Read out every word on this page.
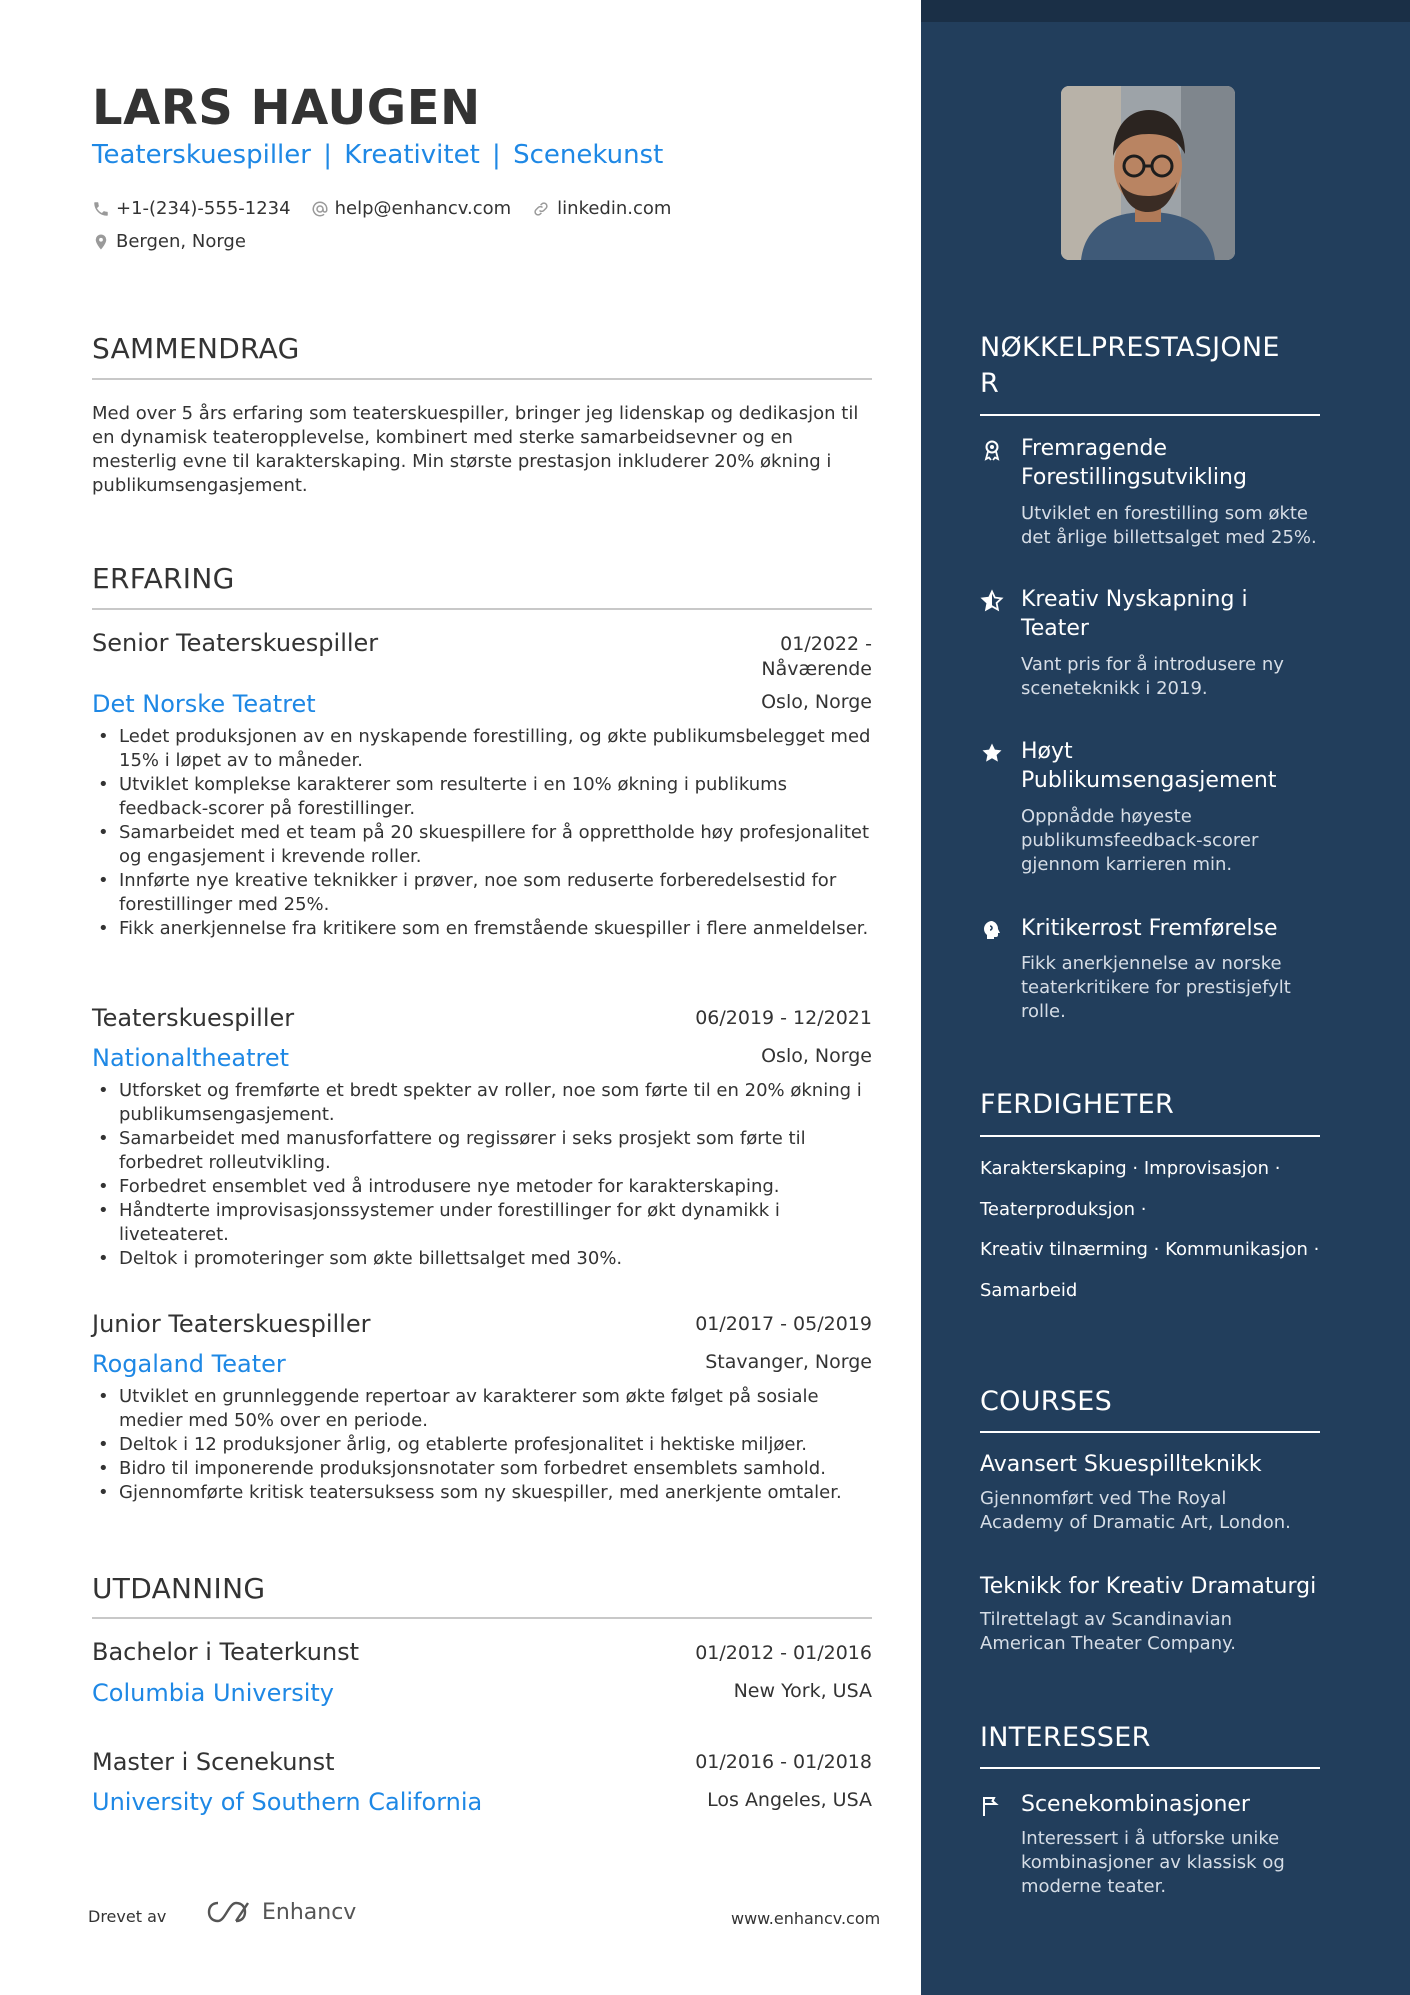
LARS HAUGEN
Teaterskuespiller | Kreativitet | Scenekunst
+1-(234)-555-1234 help@enhancv.com	linkedin.com
Bergen, Norge
SAMMENDRAG
Med over 5 års erfaring som teaterskuespiller, bringer jeg lidenskap og dedikasjon til en dynamisk teateropplevelse, kombinert med sterke samarbeidsevner og en mesterlig evne til karakterskaping. Min største prestasjon inkluderer 20% økning i publikumsengasjement.
ERFARING
Senior Teaterskuespiller	01/2022 - Nåværende
Det Norske Teatret	Oslo, Norge
• Ledet produksjonen av en nyskapende forestilling, og økte publikumsbelegget med 15% i løpet av to måneder.
• Utviklet komplekse karakterer som resulterte i en 10% økning i publikums feedback-scorer på forestillinger.
• Samarbeidet med et team på 20 skuespillere for å opprettholde høy profesjonalitet og engasjement i krevende roller.
• Innførte nye kreative teknikker i prøver, noe som reduserte forberedelsestid for forestillinger med 25%.
• Fikk anerkjennelse fra kritikere som en fremstående skuespiller i flere anmeldelser.
Teaterskuespiller	06/2019 - 12/2021
Nationaltheatret	Oslo, Norge
• Utforsket og fremførte et bredt spekter av roller, noe som førte til en 20% økning i publikumsengasjement.
• Samarbeidet med manusforfattere og regissører i seks prosjekt som førte til forbedret rolleutvikling.
• Forbedret ensemblet ved å introdusere nye metoder for karakterskaping.
• Håndterte improvisasjonssystemer under forestillinger for økt dynamikk i liveteateret.
• Deltok i promoteringer som økte billettsalget med 30%.
Junior Teaterskuespiller	01/2017 - 05/2019
Rogaland Teater	Stavanger, Norge
• Utviklet en grunnleggende repertoar av karakterer som økte følget på sosiale medier med 50% over en periode.
• Deltok i 12 produksjoner årlig, og etablerte profesjonalitet i hektiske miljøer.
• Bidro til imponerende produksjonsnotater som forbedret ensemblets samhold.
• Gjennomførte kritisk teatersuksess som ny skuespiller, med anerkjente omtaler.
UTDANNING
Bachelor i Teaterkunst	01/2012 - 01/2016
Columbia University	New York, USA
Master i Scenekunst	01/2016 - 01/2018
University of Southern California	Los Angeles, USA
Drevet av	Enhancv	www.enhancv.com
NØKKELPRESTASJONE
R
Fremragende Forestillingsutvikling
Utviklet en forestilling som økte det årlige billettsalget med 25%.
Kreativ Nyskapning i Teater
Vant pris for å introdusere ny sceneteknikk i 2019.
Høyt Publikumsengasjement
Oppnådde høyeste publikumsfeedback-scorer gjennom karrieren min.
Kritikerrost Fremførelse
Fikk anerkjennelse av norske teaterkritikere for prestisjefylt rolle.
FERDIGHETER
Karakterskaping · Improvisasjon ·
Teaterproduksjon ·
Kreativ tilnærming · Kommunikasjon ·
Samarbeid
COURSES
Avansert Skuespillteknikk
Gjennomført ved The Royal Academy of Dramatic Art, London.
Teknikk for Kreativ Dramaturgi
Tilrettelagt av Scandinavian American Theater Company.
INTERESSER
Scenekombinasjoner
Interessert i å utforske unike kombinasjoner av klassisk og moderne teater.
